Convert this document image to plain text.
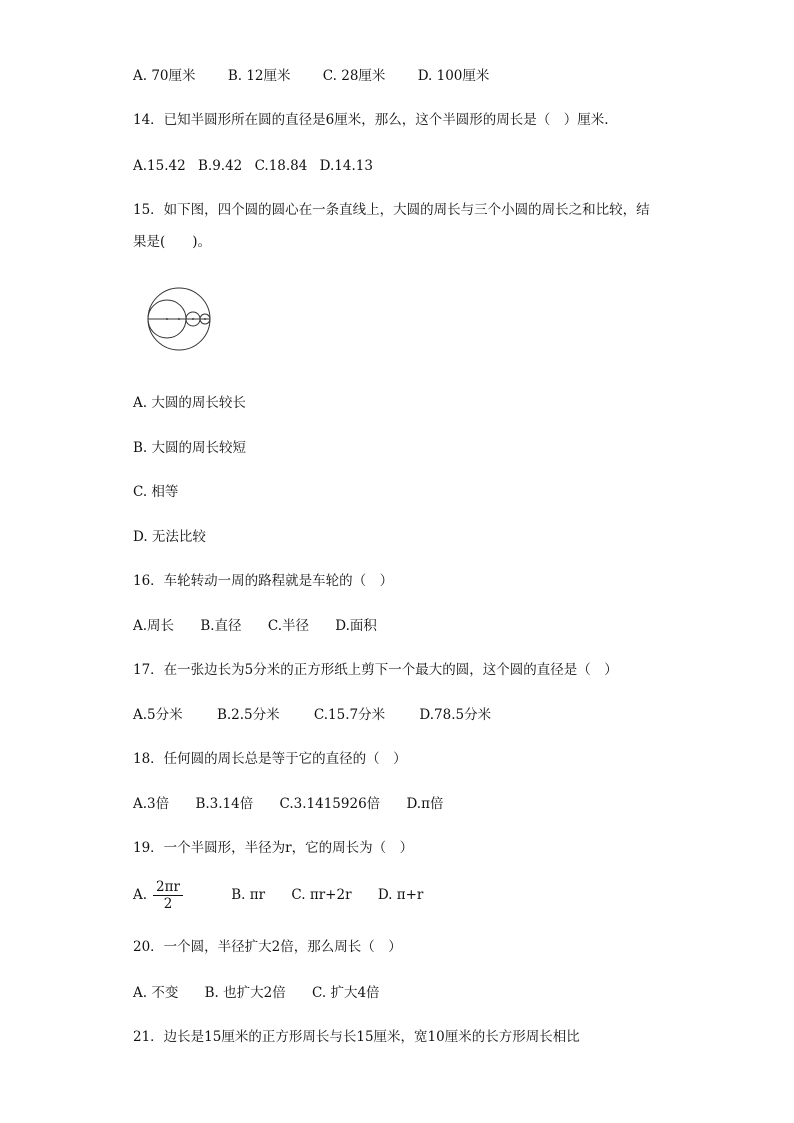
A. 70厘米 B. 12厘米 C. 28厘米 D. 100厘米
14．已知半圆形所在圆的直径是6厘米，那么，这个半圆形的周长是（　）厘米.
A.15.42 B.9.42 C.18.84 D.14.13
15．如下图，四个圆的圆心在一条直线上，大圆的周长与三个小圆的周长之和比较，结
果是(　　)。
A. 大圆的周长较长
B. 大圆的周长较短
C. 相等
D. 无法比较
16．车轮转动一周的路程就是车轮的（　）
A.周长 B.直径 C.半径 D.面积
17．在一张边长为5分米的正方形纸上剪下一个最大的圆，这个圆的直径是（　）
A.5分米	B.2.5分米	C.15.7分米	D.78.5分米
18．任何圆的周长总是等于它的直径的（　）
A.3倍 B.3.14倍 C.3.1415926倍 D.π倍
19．一个半圆形，半径为r，它的周长为（　）
A. $\frac{2\pi r}{2} B$. πr C. πr+2r D. π+r
20．一个圆，半径扩大2倍，那么周长（　）
A. 不变 B. 也扩大2倍 C. 扩大4倍
21．边长是15厘米的正方形周长与长15厘米，宽10厘米的长方形周长相比
